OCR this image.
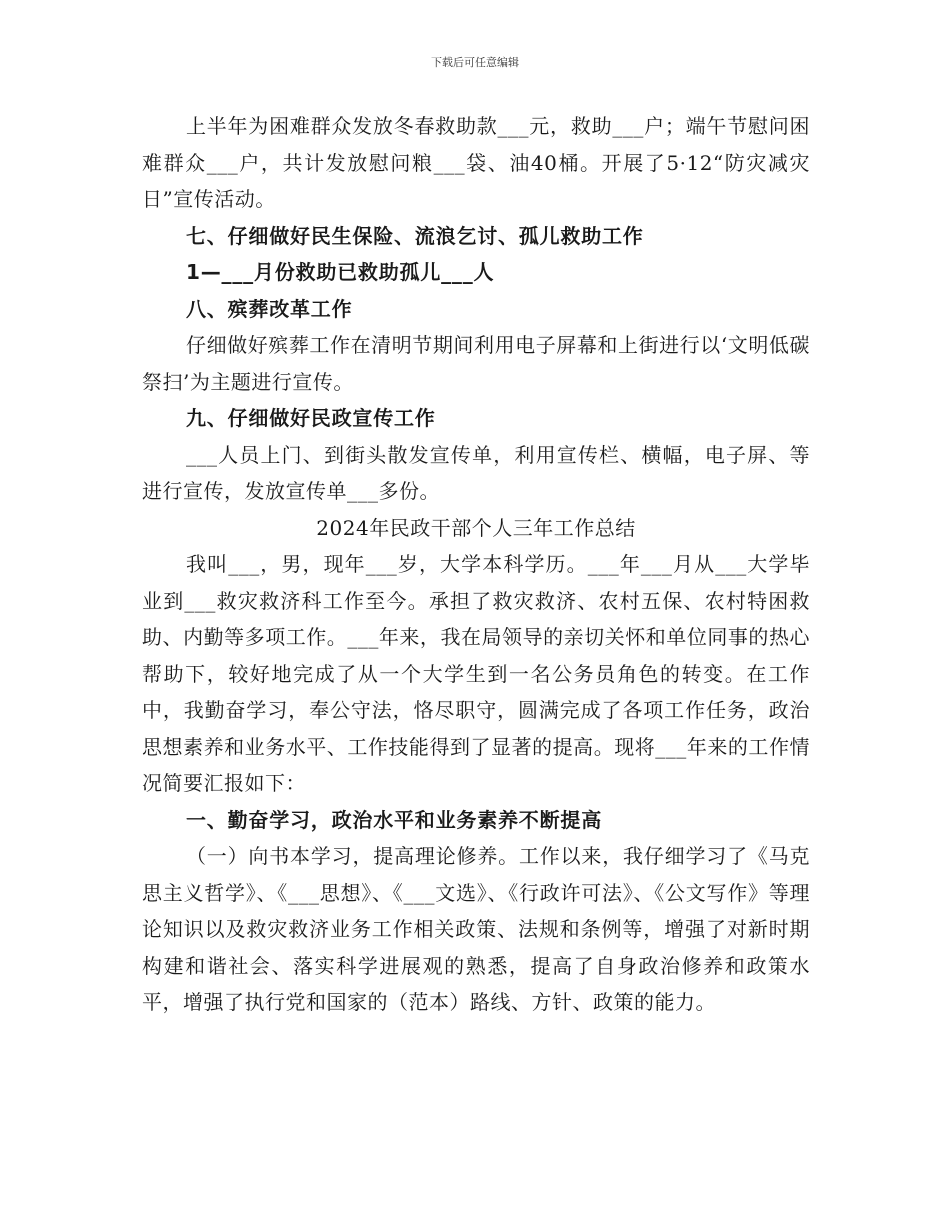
下载后可任意编辑

上半年为困难群众发放冬春救助款___元，救助___户；端午节慰问困难群众___户，共计发放慰问粮___袋、油40桶。开展了5·12“防灾减灾日”宣传活动。

七、仔细做好民生保险、流浪乞讨、孤儿救助工作

1—___月份救助已救助孤儿___人

八、殡葬改革工作

仔细做好殡葬工作在清明节期间利用电子屏幕和上街进行以‘文明低碳祭扫’为主题进行宣传。

九、仔细做好民政宣传工作

___人员上门、到街头散发宣传单，利用宣传栏、横幅，电子屏、等进行宣传，发放宣传单___多份。

2024年民政干部个人三年工作总结

我叫___，男，现年___岁，大学本科学历。___年___月从___大学毕业到___救灾救济科工作至今。承担了救灾救济、农村五保、农村特困救助、内勤等多项工作。___年来，我在局领导的亲切关怀和单位同事的热心帮助下，较好地完成了从一个大学生到一名公务员角色的转变。在工作中，我勤奋学习，奉公守法，恪尽职守，圆满完成了各项工作任务，政治思想素养和业务水平、工作技能得到了显著的提高。现将___年来的工作情况简要汇报如下：

一、勤奋学习，政治水平和业务素养不断提高

（一）向书本学习，提高理论修养。工作以来，我仔细学习了《马克思主义哲学》、《___思想》、《___文选》、《行政许可法》、《公文写作》等理论知识以及救灾救济业务工作相关政策、法规和条例等，增强了对新时期构建和谐社会、落实科学进展观的熟悉，提高了自身政治修养和政策水平，增强了执行党和国家的（范本）路线、方针、政策的能力。
